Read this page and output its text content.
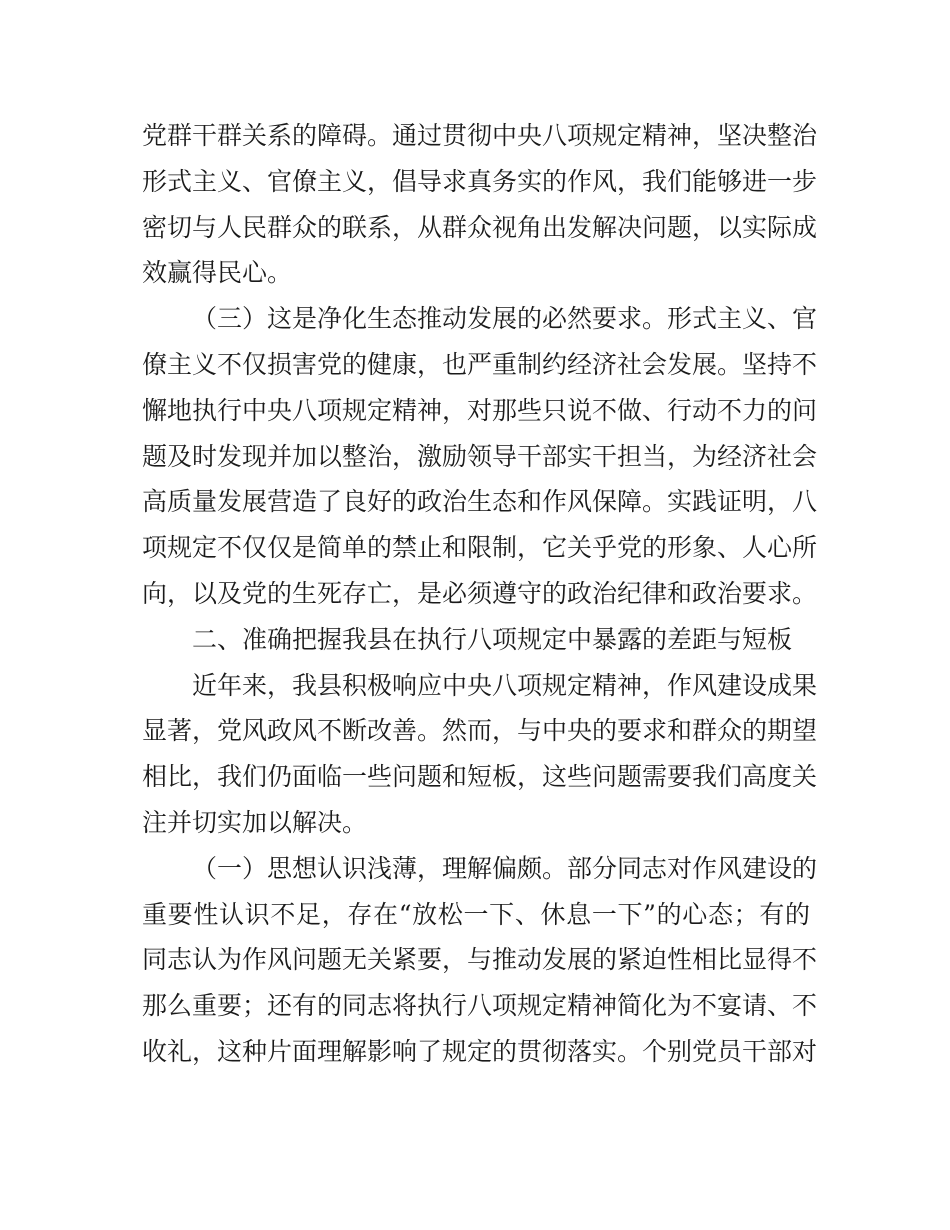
党群干群关系的障碍。通过贯彻中央八项规定精神，坚决整治
形式主义、官僚主义，倡导求真务实的作风，我们能够进一步
密切与人民群众的联系，从群众视角出发解决问题，以实际成
效赢得民心。
（三）这是净化生态推动发展的必然要求。形式主义、官
僚主义不仅损害党的健康，也严重制约经济社会发展。坚持不
懈地执行中央八项规定精神，对那些只说不做、行动不力的问
题及时发现并加以整治，激励领导干部实干担当，为经济社会
高质量发展营造了良好的政治生态和作风保障。实践证明，八
项规定不仅仅是简单的禁止和限制，它关乎党的形象、人心所
向，以及党的生死存亡，是必须遵守的政治纪律和政治要求。
二、准确把握我县在执行八项规定中暴露的差距与短板
近年来，我县积极响应中央八项规定精神，作风建设成果
显著，党风政风不断改善。然而，与中央的要求和群众的期望
相比，我们仍面临一些问题和短板，这些问题需要我们高度关
注并切实加以解决。
（一）思想认识浅薄，理解偏颇。部分同志对作风建设的
重要性认识不足，存在“放松一下、休息一下”的心态；有的
同志认为作风问题无关紧要，与推动发展的紧迫性相比显得不
那么重要；还有的同志将执行八项规定精神简化为不宴请、不
收礼，这种片面理解影响了规定的贯彻落实。个别党员干部对
